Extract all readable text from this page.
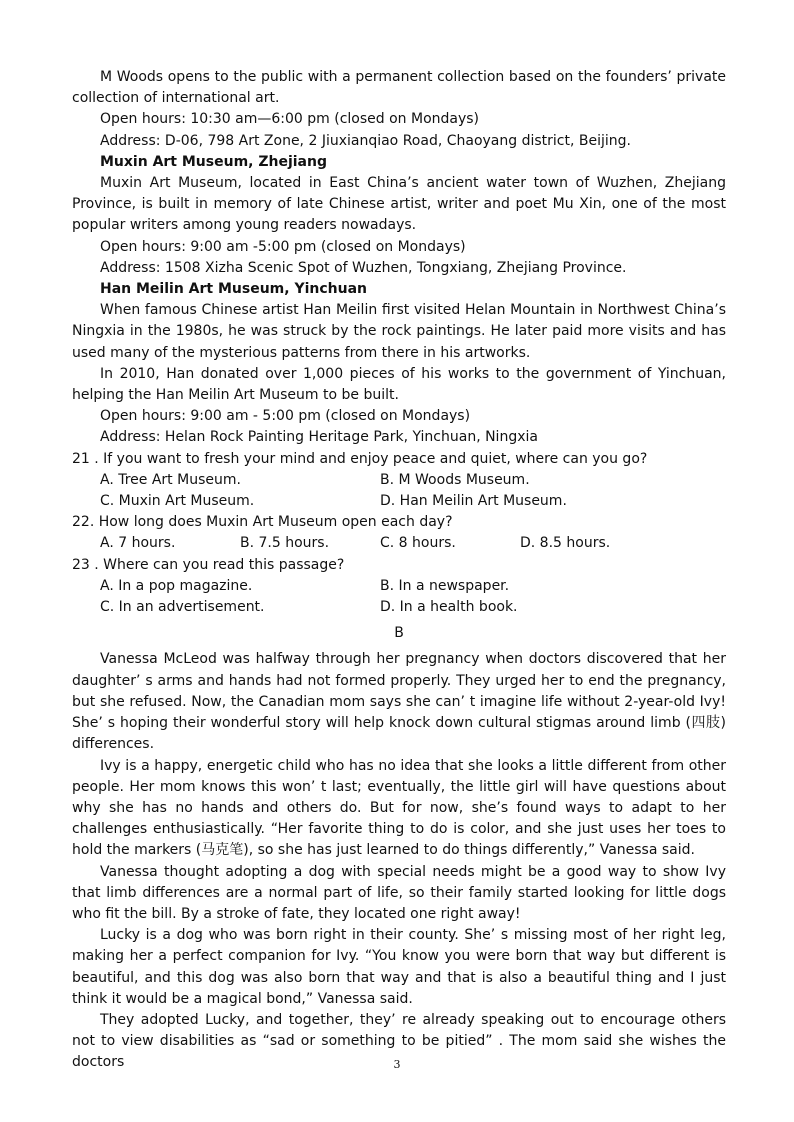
M Woods opens to the public with a permanent collection based on the founders’ private collection of international art.

Open hours: 10:30 am—6:00 pm (closed on Mondays)

Address: D-06, 798 Art Zone, 2 Jiuxianqiao Road, Chaoyang district, Beijing.

Muxin Art Museum, Zhejiang

Muxin Art Museum, located in East China’s ancient water town of Wuzhen, Zhejiang Province, is built in memory of late Chinese artist, writer and poet Mu Xin, one of the most popular writers among young readers nowadays.

Open hours: 9:00 am -5:00 pm (closed on Mondays)

Address: 1508 Xizha Scenic Spot of Wuzhen, Tongxiang, Zhejiang Province.

Han Meilin Art Museum, Yinchuan

When famous Chinese artist Han Meilin first visited Helan Mountain in Northwest China’s Ningxia in the 1980s, he was struck by the rock paintings. He later paid more visits and has used many of the mysterious patterns from there in his artworks.

In 2010, Han donated over 1,000 pieces of his works to the government of Yinchuan, helping the Han Meilin Art Museum to be built.

Open hours: 9:00 am - 5:00 pm (closed on Mondays)

Address: Helan Rock Painting Heritage Park, Yinchuan, Ningxia

21 . If you want to fresh your mind and enjoy peace and quiet, where can you go?

A. Tree Art Museum.	B. M Woods Museum.
C. Muxin Art Museum.	D. Han Meilin Art Museum.

22. How long does Muxin Art Museum open each day?

A. 7 hours.	B. 7.5 hours.	C. 8 hours.	D. 8.5 hours.

23 . Where can you read this passage?

A. In a pop magazine.	B. In a newspaper.
C. In an advertisement.	D. In a health book.

B

Vanessa McLeod was halfway through her pregnancy when doctors discovered that her daughter’ s arms and hands had not formed properly. They urged her to end the pregnancy, but she refused. Now, the Canadian mom says she can’ t imagine life without 2-year-old Ivy! She’ s hoping their wonderful story will help knock down cultural stigmas around limb (四肢) differences.

Ivy is a happy, energetic child who has no idea that she looks a little different from other people. Her mom knows this won’ t last; eventually, the little girl will have questions about why she has no hands and others do. But for now, she’s found ways to adapt to her challenges enthusiastically. “Her favorite thing to do is color, and she just uses her toes to hold the markers (马克笔), so she has just learned to do things differently,” Vanessa said.

Vanessa thought adopting a dog with special needs might be a good way to show Ivy that limb differences are a normal part of life, so their family started looking for little dogs who fit the bill. By a stroke of fate, they located one right away!

Lucky is a dog who was born right in their county. She’ s missing most of her right leg, making her a perfect companion for Ivy. “You know you were born that way but different is beautiful, and this dog was also born that way and that is also a beautiful thing and I just think it would be a magical bond,” Vanessa said.

They adopted Lucky, and together, they’ re already speaking out to encourage others not to view disabilities as “sad or something to be pitied” . The mom said she wishes the doctors	3
